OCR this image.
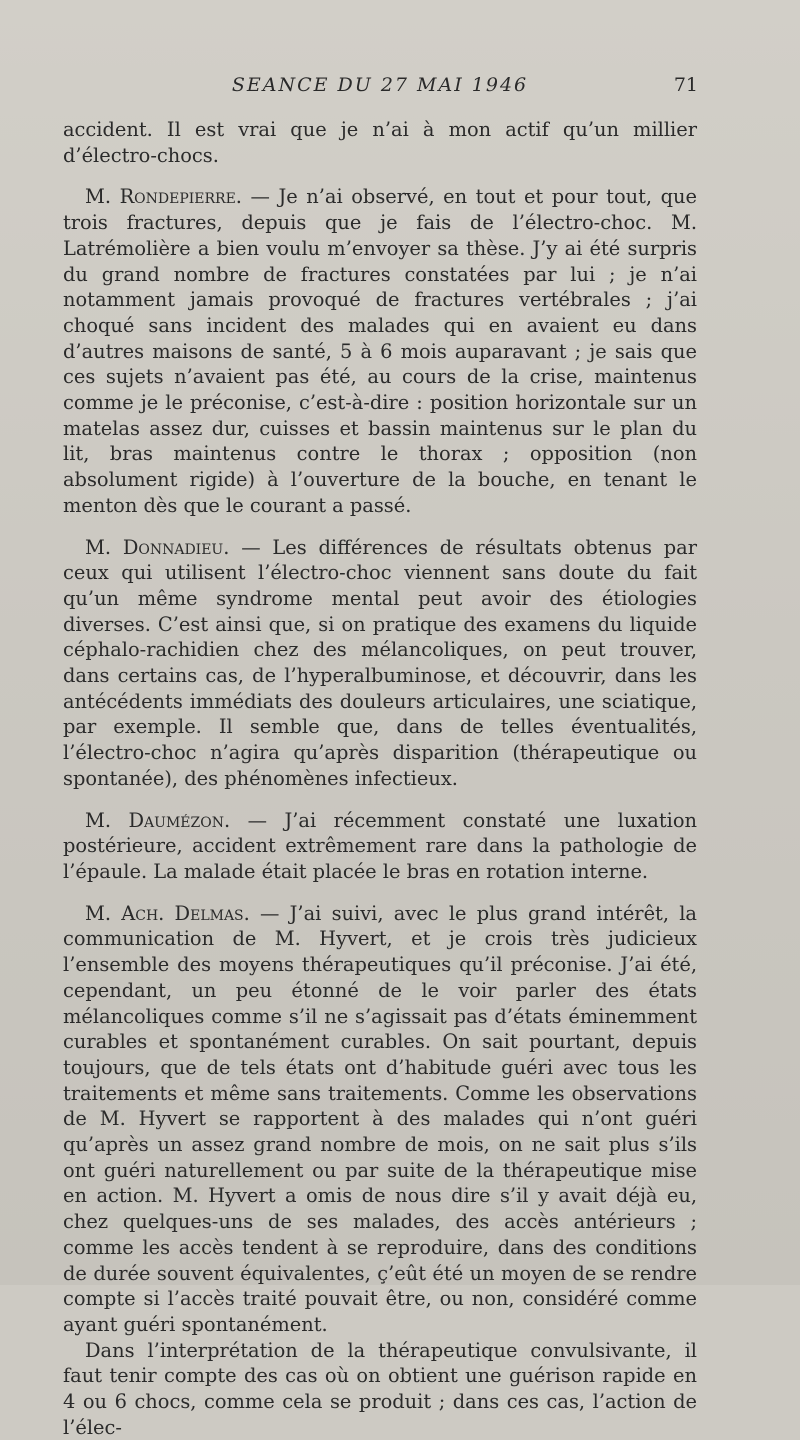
SEANCE DU 27 MAI 1946	71

accident. Il est vrai que je n’ai à mon actif qu’un millier d’électro-chocs.

M. Rondepierre. — Je n’ai observé, en tout et pour tout, que trois fractures, depuis que je fais de l’électro-choc. M. Latrémolière a bien voulu m’envoyer sa thèse. J’y ai été surpris du grand nombre de fractures constatées par lui ; je n’ai notamment jamais provoqué de fractures vertébrales ; j’ai choqué sans incident des malades qui en avaient eu dans d’autres maisons de santé, 5 à 6 mois auparavant ; je sais que ces sujets n’avaient pas été, au cours de la crise, maintenus comme je le préconise, c’est-à-dire : position horizontale sur un matelas assez dur, cuisses et bassin maintenus sur le plan du lit, bras maintenus contre le thorax ; opposition (non absolument rigide) à l’ouverture de la bouche, en tenant le menton dès que le courant a passé.

M. Donnadieu. — Les différences de résultats obtenus par ceux qui utilisent l’électro-choc viennent sans doute du fait qu’un même syndrome mental peut avoir des étiologies diverses. C’est ainsi que, si on pratique des examens du liquide céphalo-rachidien chez des mélancoliques, on peut trouver, dans certains cas, de l’hyperalbuminose, et découvrir, dans les antécédents immédiats des douleurs articulaires, une sciatique, par exemple. Il semble que, dans de telles éventualités, l’électro-choc n’agira qu’après disparition (thérapeutique ou spontanée), des phénomènes infectieux.

M. Daumézon. — J’ai récemment constaté une luxation postérieure, accident extrêmement rare dans la pathologie de l’épaule. La malade était placée le bras en rotation interne.

M. Ach. Delmas. — J’ai suivi, avec le plus grand intérêt, la communication de M. Hyvert, et je crois très judicieux l’ensemble des moyens thérapeutiques qu’il préconise. J’ai été, cependant, un peu étonné de le voir parler des états mélancoliques comme s’il ne s’agissait pas d’états éminemment curables et spontanément curables. On sait pourtant, depuis toujours, que de tels états ont d’habitude guéri avec tous les traitements et même sans traitements. Comme les observations de M. Hyvert se rapportent à des malades qui n’ont guéri qu’après un assez grand nombre de mois, on ne sait plus s’ils ont guéri naturellement ou par suite de la thérapeutique mise en action. M. Hyvert a omis de nous dire s’il y avait déjà eu, chez quelques-uns de ses malades, des accès antérieurs ; comme les accès tendent à se reproduire, dans des conditions de durée souvent équivalentes, ç’eût été un moyen de se rendre compte si l’accès traité pouvait être, ou non, considéré comme ayant guéri spontanément.

Dans l’interprétation de la thérapeutique convulsivante, il faut tenir compte des cas où on obtient une guérison rapide en 4 ou 6 chocs, comme cela se produit ; dans ces cas, l’action de l’élec-
